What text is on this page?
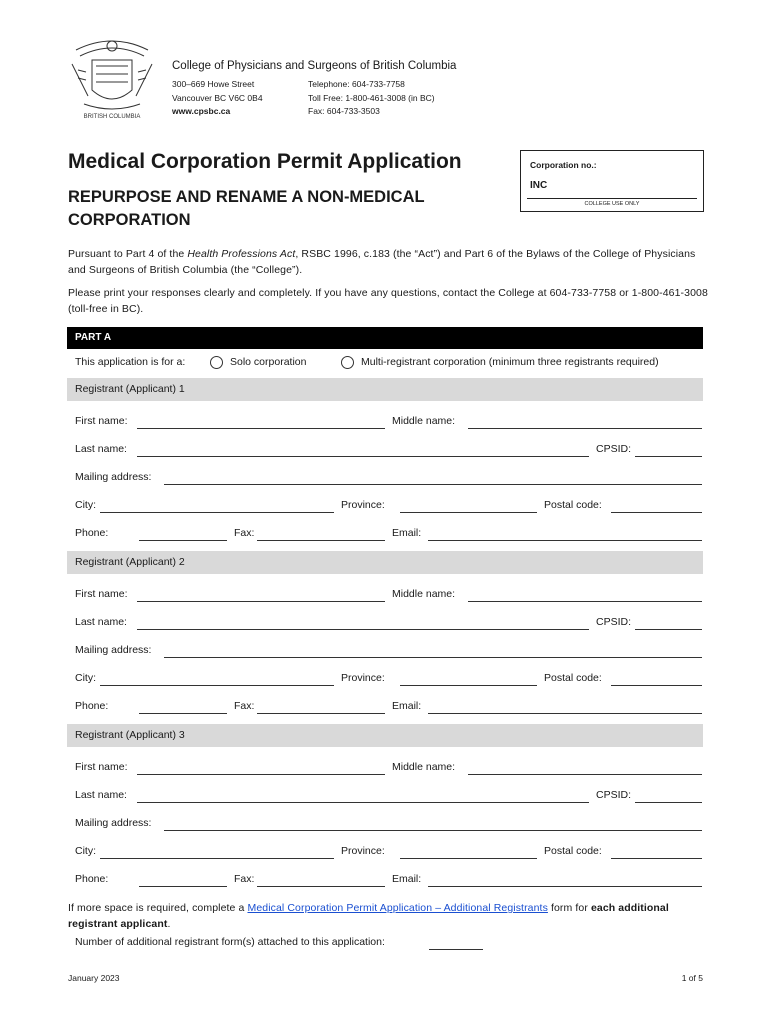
BRITISH COLUMBIA
College of Physicians and Surgeons of British Columbia
300–669 Howe Street
Vancouver BC V6C 0B4
www.cpsbc.ca
Telephone: 604-733-7758
Toll Free: 1-800-461-3008 (in BC)
Fax: 604-733-3503
Medical Corporation Permit Application
REPURPOSE AND RENAME A NON-MEDICAL CORPORATION
Corporation no.:
INC
COLLEGE USE ONLY
Pursuant to Part 4 of the Health Professions Act, RSBC 1996, c.183 (the “Act”) and Part 6 of the Bylaws of the College of Physicians and Surgeons of British Columbia (the “College”).
Please print your responses clearly and completely. If you have any questions, contact the College at 604-733-7758 or 1-800-461-3008 (toll-free in BC).
PART A
This application is for a:	Solo corporation	Multi-registrant corporation (minimum three registrants required)
Registrant (Applicant) 1
First name:	Middle name:
Last name:	CPSID:
Mailing address:
City:	Province:	Postal code:
Phone:	Fax:	Email:
Registrant (Applicant) 2
First name:	Middle name:
Last name:	CPSID:
Mailing address:
City:	Province:	Postal code:
Phone:	Fax:	Email:
Registrant (Applicant) 3
First name:	Middle name:
Last name:	CPSID:
Mailing address:
City:	Province:	Postal code:
Phone:	Fax:	Email:
If more space is required, complete a Medical Corporation Permit Application – Additional Registrants form for each additional registrant applicant.
Number of additional registrant form(s) attached to this application:
January 2023	1 of 5
